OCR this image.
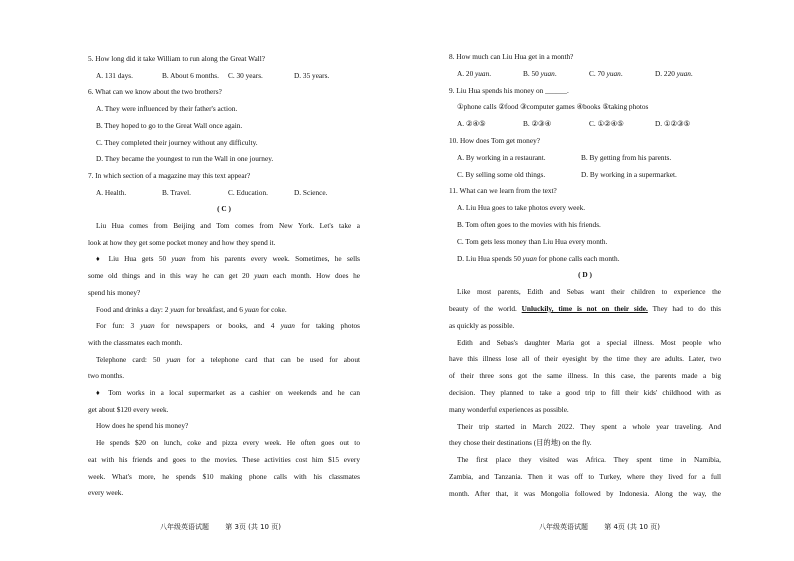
5. How long did it take William to run along the Great Wall?
A. 131 days.	B. About 6 months.	C. 30 years.	D. 35 years.
6. What can we know about the two brothers?
A. They were influenced by their father's action.
B. They hoped to go to the Great Wall once again.
C. They completed their journey without any difficulty.
D. They became the youngest to run the Wall in one journey.
7. In which section of a magazine may this text appear?
A. Health.	B. Travel.	C. Education.	D. Science.
( C )
Liu Hua comes from Beijing and Tom comes from New York. Let's take a
look at how they get some pocket money and how they spend it.
♦ Liu Hua gets 50 yuan from his parents every week. Sometimes, he sells
some old things and in this way he can get 20 yuan each month. How does he
spend his money?
Food and drinks a day: 2 yuan for breakfast, and 6 yuan for coke.
For fun: 3 yuan for newspapers or books, and 4 yuan for taking photos
with the classmates each month.
Telephone card: 50 yuan for a telephone card that can be used for about
two months.
♦ Tom works in a local supermarket as a cashier on weekends and he can
get about $120 every week.
How does he spend his money?
He spends $20 on lunch, coke and pizza every week. He often goes out to
eat with his friends and goes to the movies. These activities cost him $15 every
week. What's more, he spends $10 making phone calls with his classmates
every week.
八年级英语试题 第 3页 (共 10 页)
8. How much can Liu Hua get in a month?
A. 20 yuan.	B. 50 yuan.	C. 70 yuan.	D. 220 yuan.
9. Liu Hua spends his money on ______.
①phone calls ②food ③computer games ④books ⑤taking photos
A. ②④⑤	B. ②③④	C. ①②④⑤	D. ①②③⑤
10. How does Tom get money?
A. By working in a restaurant.	B. By getting from his parents.
C. By selling some old things.	D. By working in a supermarket.
11. What can we learn from the text?
A. Liu Hua goes to take photos every week.
B. Tom often goes to the movies with his friends.
C. Tom gets less money than Liu Hua every month.
D. Liu Hua spends 50 yuan for phone calls each month.
( D )
Like most parents, Edith and Sebas want their children to experience the
beauty of the world. Unluckily, time is not on their side. They had to do this
as quickly as possible.
Edith and Sebas's daughter Maria got a special illness. Most people who
have this illness lose all of their eyesight by the time they are adults. Later, two
of their three sons got the same illness. In this case, the parents made a big
decision. They planned to take a good trip to fill their kids' childhood with as
many wonderful experiences as possible.
Their trip started in March 2022. They spent a whole year traveling. And
they chose their destinations (目的地) on the fly.
The first place they visited was Africa. They spent time in Namibia,
Zambia, and Tanzania. Then it was off to Turkey, where they lived for a full
month. After that, it was Mongolia followed by Indonesia. Along the way, the
八年级英语试题 第 4页 (共 10 页)
